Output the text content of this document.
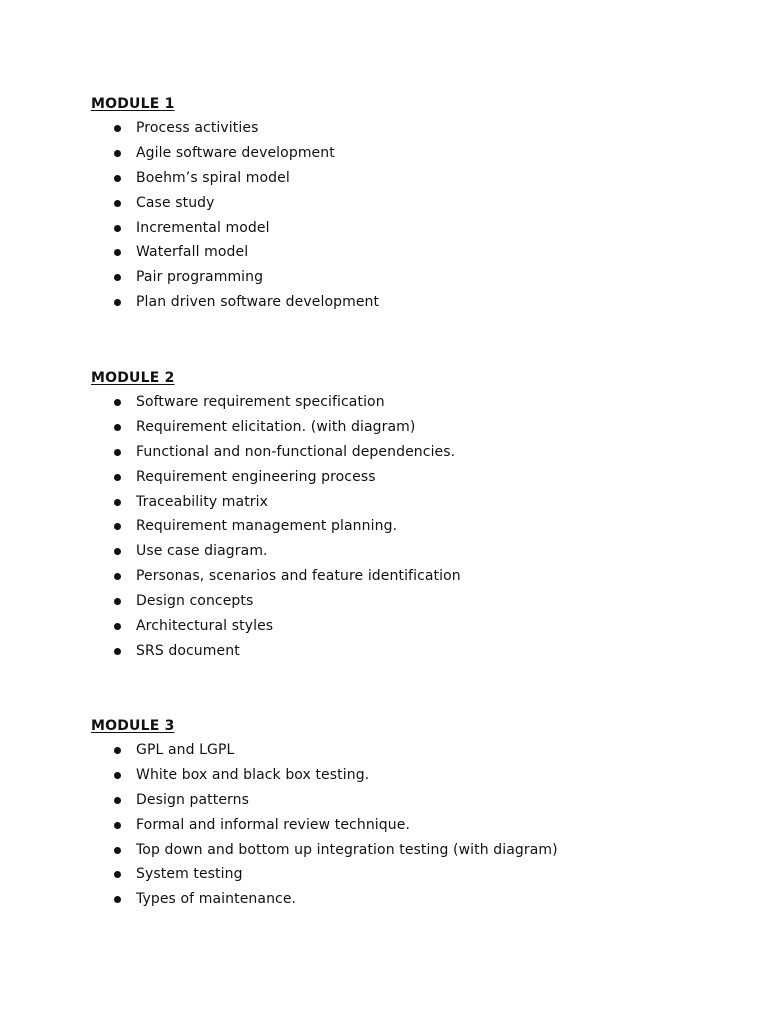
MODULE 1
Process activities
Agile software development
Boehm’s spiral model
Case study
Incremental model
Waterfall model
Pair programming
Plan driven software development
MODULE 2
Software requirement specification
Requirement elicitation. (with diagram)
Functional and non-functional dependencies.
Requirement engineering process
Traceability matrix
Requirement management planning.
Use case diagram.
Personas, scenarios and feature identification
Design concepts
Architectural styles
SRS document
MODULE 3
GPL and LGPL
White box and black box testing.
Design patterns
Formal and informal review technique.
Top down and bottom up integration testing (with diagram)
System testing
Types of maintenance.
